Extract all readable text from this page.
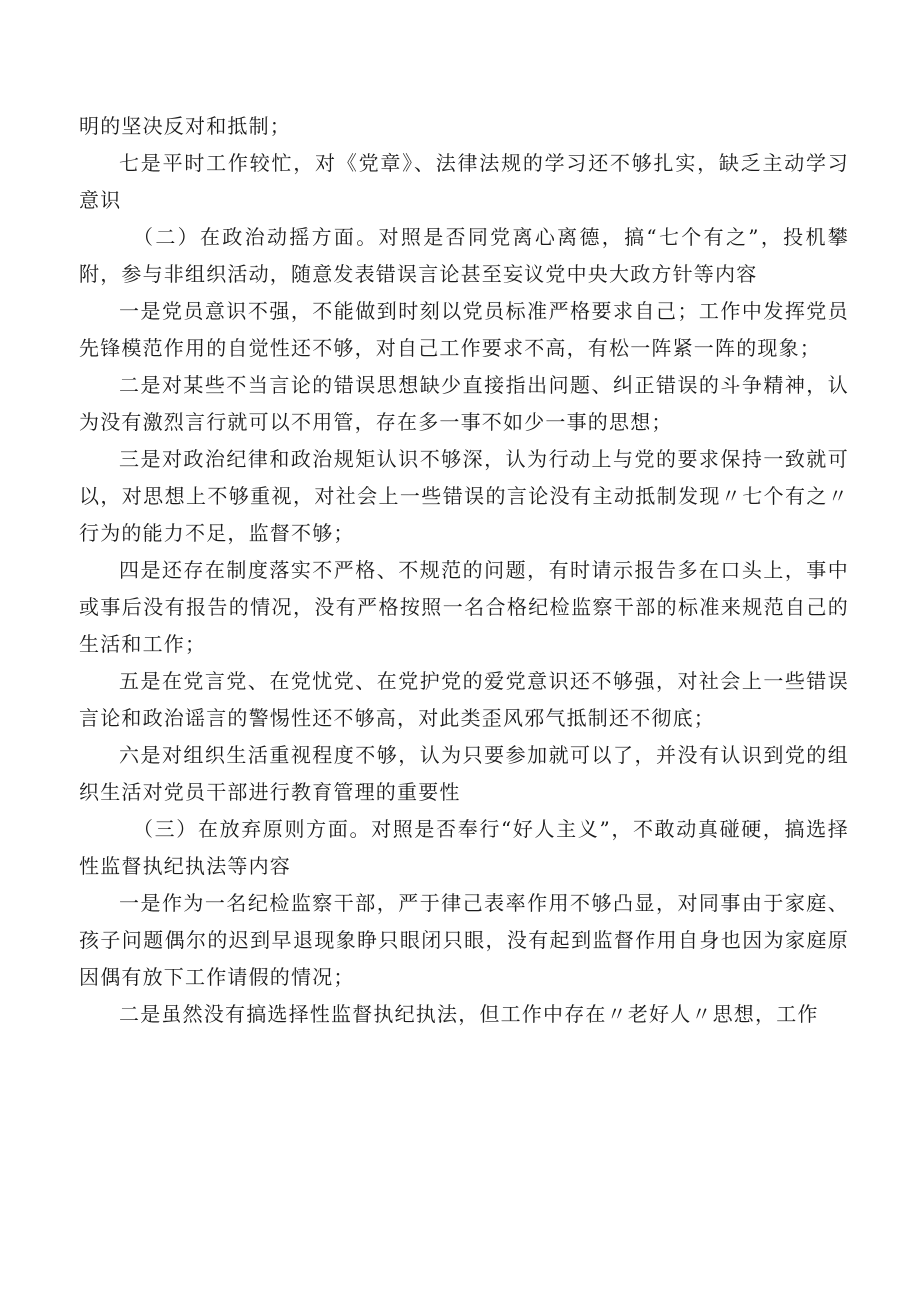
明的坚决反对和抵制；

七是平时工作较忙，对《党章》、法律法规的学习还不够扎实，缺乏主动学习意识

（二）在政治动摇方面。对照是否同党离心离德，搞“七个有之”，投机攀附，参与非组织活动，随意发表错误言论甚至妄议党中央大政方针等内容

一是党员意识不强，不能做到时刻以党员标准严格要求自己；工作中发挥党员先锋模范作用的自觉性还不够，对自己工作要求不高，有松一阵紧一阵的现象；

二是对某些不当言论的错误思想缺少直接指出问题、纠正错误的斗争精神，认为没有激烈言行就可以不用管，存在多一事不如少一事的思想；

三是对政治纪律和政治规矩认识不够深，认为行动上与党的要求保持一致就可以，对思想上不够重视，对社会上一些错误的言论没有主动抵制发现〃七个有之〃行为的能力不足，监督不够；

四是还存在制度落实不严格、不规范的问题，有时请示报告多在口头上，事中或事后没有报告的情况，没有严格按照一名合格纪检监察干部的标准来规范自己的生活和工作；

五是在党言党、在党忧党、在党护党的爱党意识还不够强，对社会上一些错误言论和政治谣言的警惕性还不够高，对此类歪风邪气抵制还不彻底；

六是对组织生活重视程度不够，认为只要参加就可以了，并没有认识到党的组织生活对党员干部进行教育管理的重要性

（三）在放弃原则方面。对照是否奉行“好人主义”，不敢动真碰硬，搞选择性监督执纪执法等内容

一是作为一名纪检监察干部，严于律己表率作用不够凸显，对同事由于家庭、孩子问题偶尔的迟到早退现象睁只眼闭只眼，没有起到监督作用自身也因为家庭原因偶有放下工作请假的情况；

二是虽然没有搞选择性监督执纪执法，但工作中存在〃老好人〃思想，工作
